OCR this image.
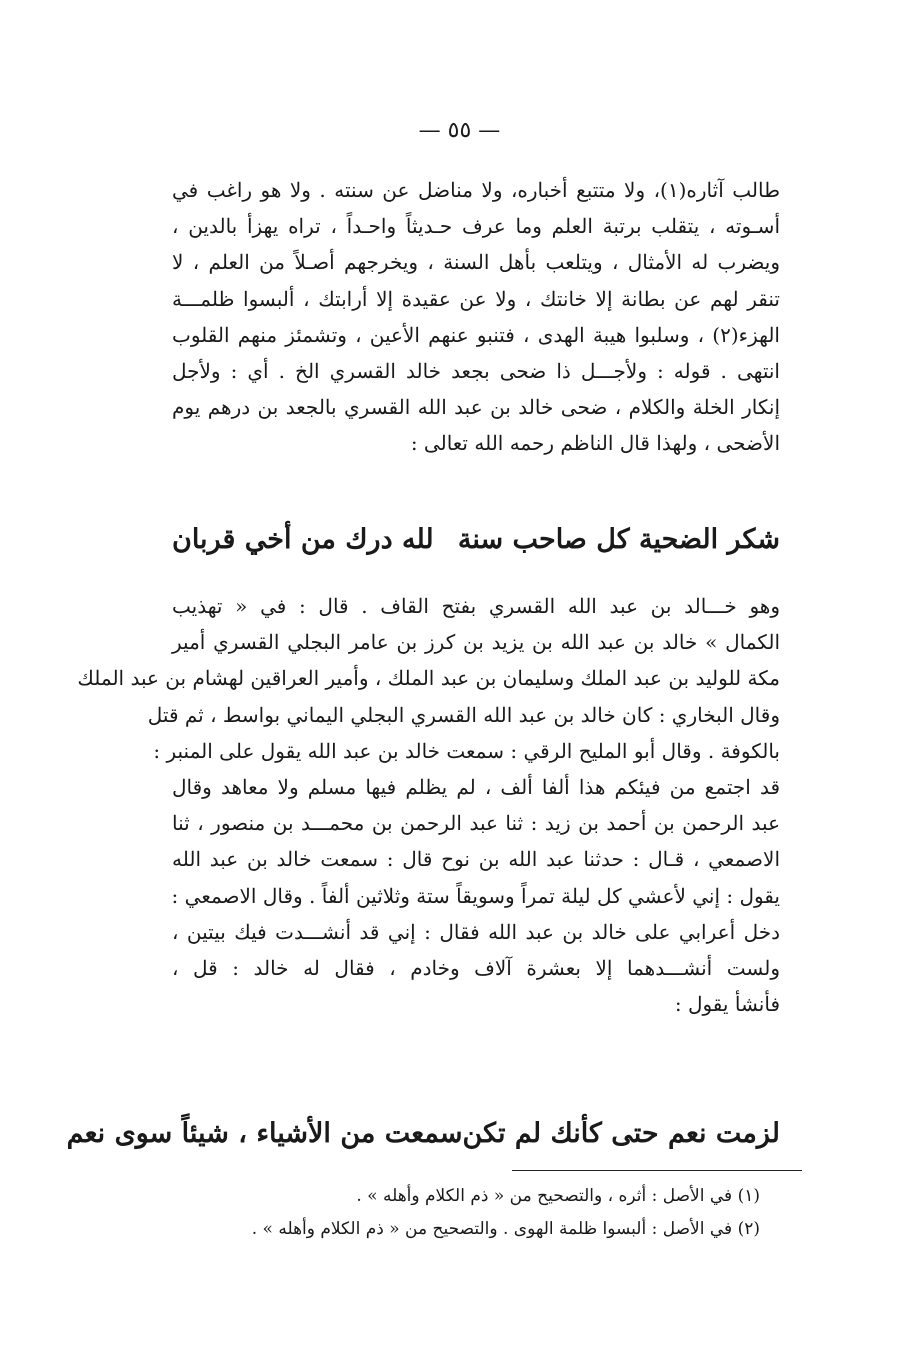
— ٥٥ —
طالب آثاره(١)، ولا متتبع أخباره، ولا مناضل عن سنته . ولا هو راغب في
أسـوته ، يتقلب برتبة العلم وما عرف حـديثاً واحـداً ، تراه يهزأ بالدين ،
ويضرب له الأمثال ، ويتلعب بأهل السنة ، ويخرجهم أصـلاً من العلم ، لا
تنقر لهم عن بطانة إلا خانتك ، ولا عن عقيدة إلا أرابتك ، ألبسوا ظلمـــة
الهزء(٢) ، وسلبوا هيبة الهدى ، فتنبو عنهم الأعين ، وتشمئز منهم القلوب
انتهى . قوله : ولأجـــل ذا ضحى بجعد خالد القسري الخ . أي : ولأجل
إنكار الخلة والكلام ، ضحى خالد بن عبد الله القسري بالجعد بن درهم يوم
الأضحى ، ولهذا قال الناظم رحمه الله تعالى :
شكر الضحية كل صاحب سنة
لله درك من أخي قربان
وهو خـــالد بن عبد الله القسري بفتح القاف . قال : في « تهذيب
الكمال » خالد بن عبد الله بن يزيد بن كرز بن عامر البجلي القسري أمير
مكة للوليد بن عبد الملك وسليمان بن عبد الملك ، وأمير العراقين لهشام بن عبد الملك
وقال البخاري : كان خالد بن عبد الله القسري البجلي اليماني بواسط ، ثم قتل
بالكوفة . وقال أبو المليح الرقي : سمعت خالد بن عبد الله يقول على المنبر :
قد اجتمع من فيئكم هذا ألفا ألف ، لم يظلم فيها مسلم ولا معاهد وقال
عبد الرحمن بن أحمد بن زيد : ثنا عبد الرحمن بن محمـــد بن منصور ، ثنا
الاصمعي ، قـال : حدثنا عبد الله بن نوح قال : سمعت خالد بن عبد الله
يقول : إني لأعشي كل ليلة تمراً وسويقاً ستة وثلاثين ألفاً . وقال الاصمعي :
دخل أعرابي على خالد بن عبد الله فقال : إني قد أنشـــدت فيك بيتين ،
ولست أنشـــدهما إلا بعشرة آلاف وخادم ، فقال له خالد : قل ،
فأنشأ يقول :
لزمت نعم حتى كأنك لم تكن
سمعت من الأشياء ، شيئاً سوى نعم
(١) في الأصل : أثره ، والتصحيح من « ذم الكلام وأهله » .
(٢) في الأصل : ألبسوا ظلمة الهوى . والتصحيح من « ذم الكلام وأهله » .
